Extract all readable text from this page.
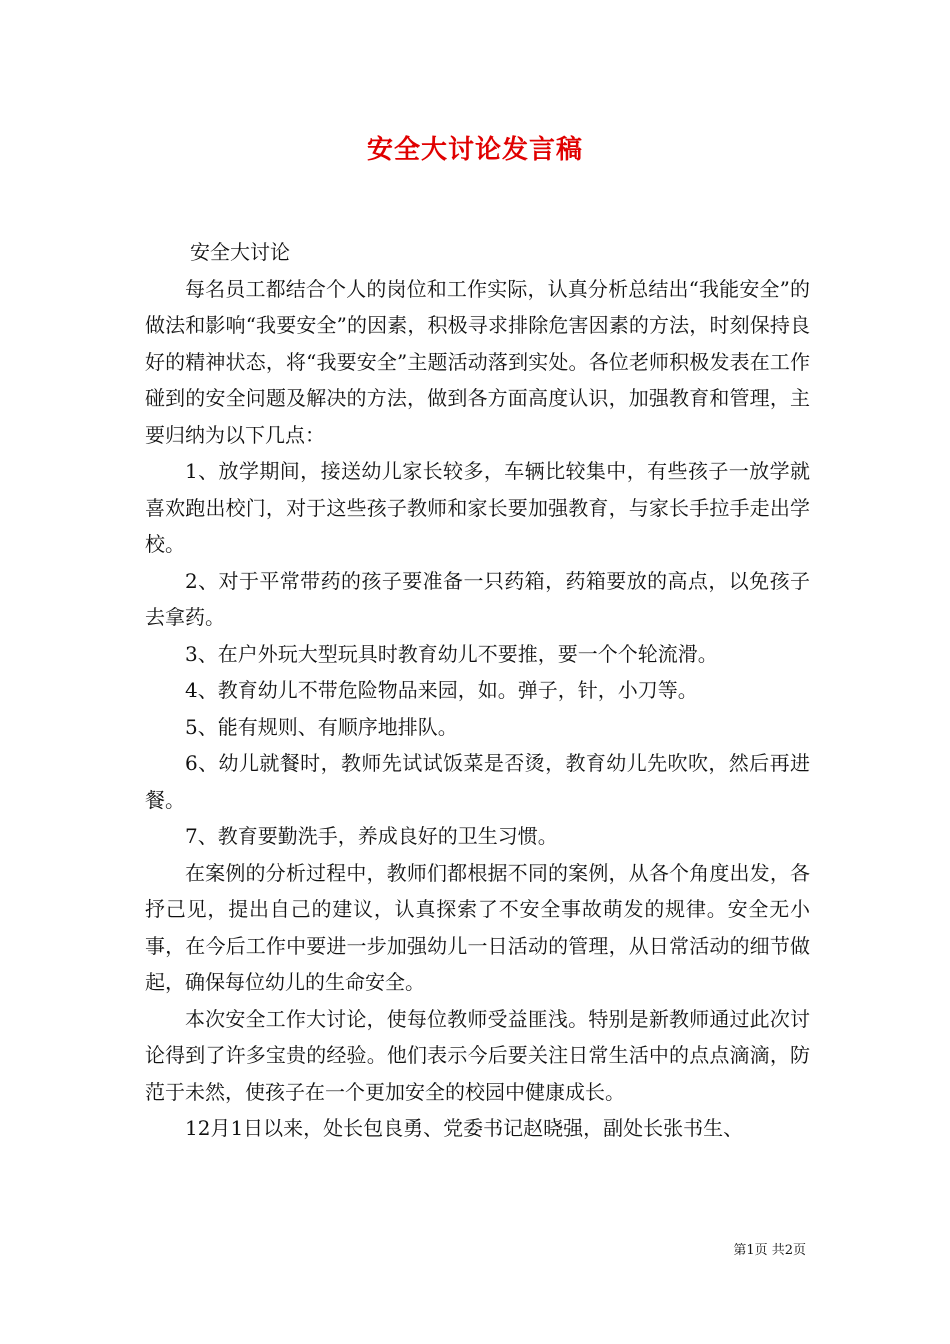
安全大讨论发言稿

安全大讨论

每名员工都结合个人的岗位和工作实际，认真分析总结出“我能安全”的做法和影响“我要安全”的因素，积极寻求排除危害因素的方法，时刻保持良好的精神状态，将“我要安全”主题活动落到实处。各位老师积极发表在工作碰到的安全问题及解决的方法，做到各方面高度认识，加强教育和管理，主要归纳为以下几点：

1、放学期间，接送幼儿家长较多，车辆比较集中，有些孩子一放学就喜欢跑出校门，对于这些孩子教师和家长要加强教育，与家长手拉手走出学校。

2、对于平常带药的孩子要准备一只药箱，药箱要放的高点，以免孩子去拿药。

3、在户外玩大型玩具时教育幼儿不要推，要一个个轮流滑。

4、教育幼儿不带危险物品来园，如。弹子，针，小刀等。

5、能有规则、有顺序地排队。

6、幼儿就餐时，教师先试试饭菜是否烫，教育幼儿先吹吹，然后再进餐。

7、教育要勤洗手，养成良好的卫生习惯。

在案例的分析过程中，教师们都根据不同的案例，从各个角度出发，各抒己见，提出自己的建议，认真探索了不安全事故萌发的规律。安全无小事，在今后工作中要进一步加强幼儿一日活动的管理，从日常活动的细节做起，确保每位幼儿的生命安全。

本次安全工作大讨论，使每位教师受益匪浅。特别是新教师通过此次讨论得到了许多宝贵的经验。他们表示今后要关注日常生活中的点点滴滴，防范于未然，使孩子在一个更加安全的校园中健康成长。

12月1日以来，处长包良勇、党委书记赵晓强，副处长张书生、

第1页 共2页
